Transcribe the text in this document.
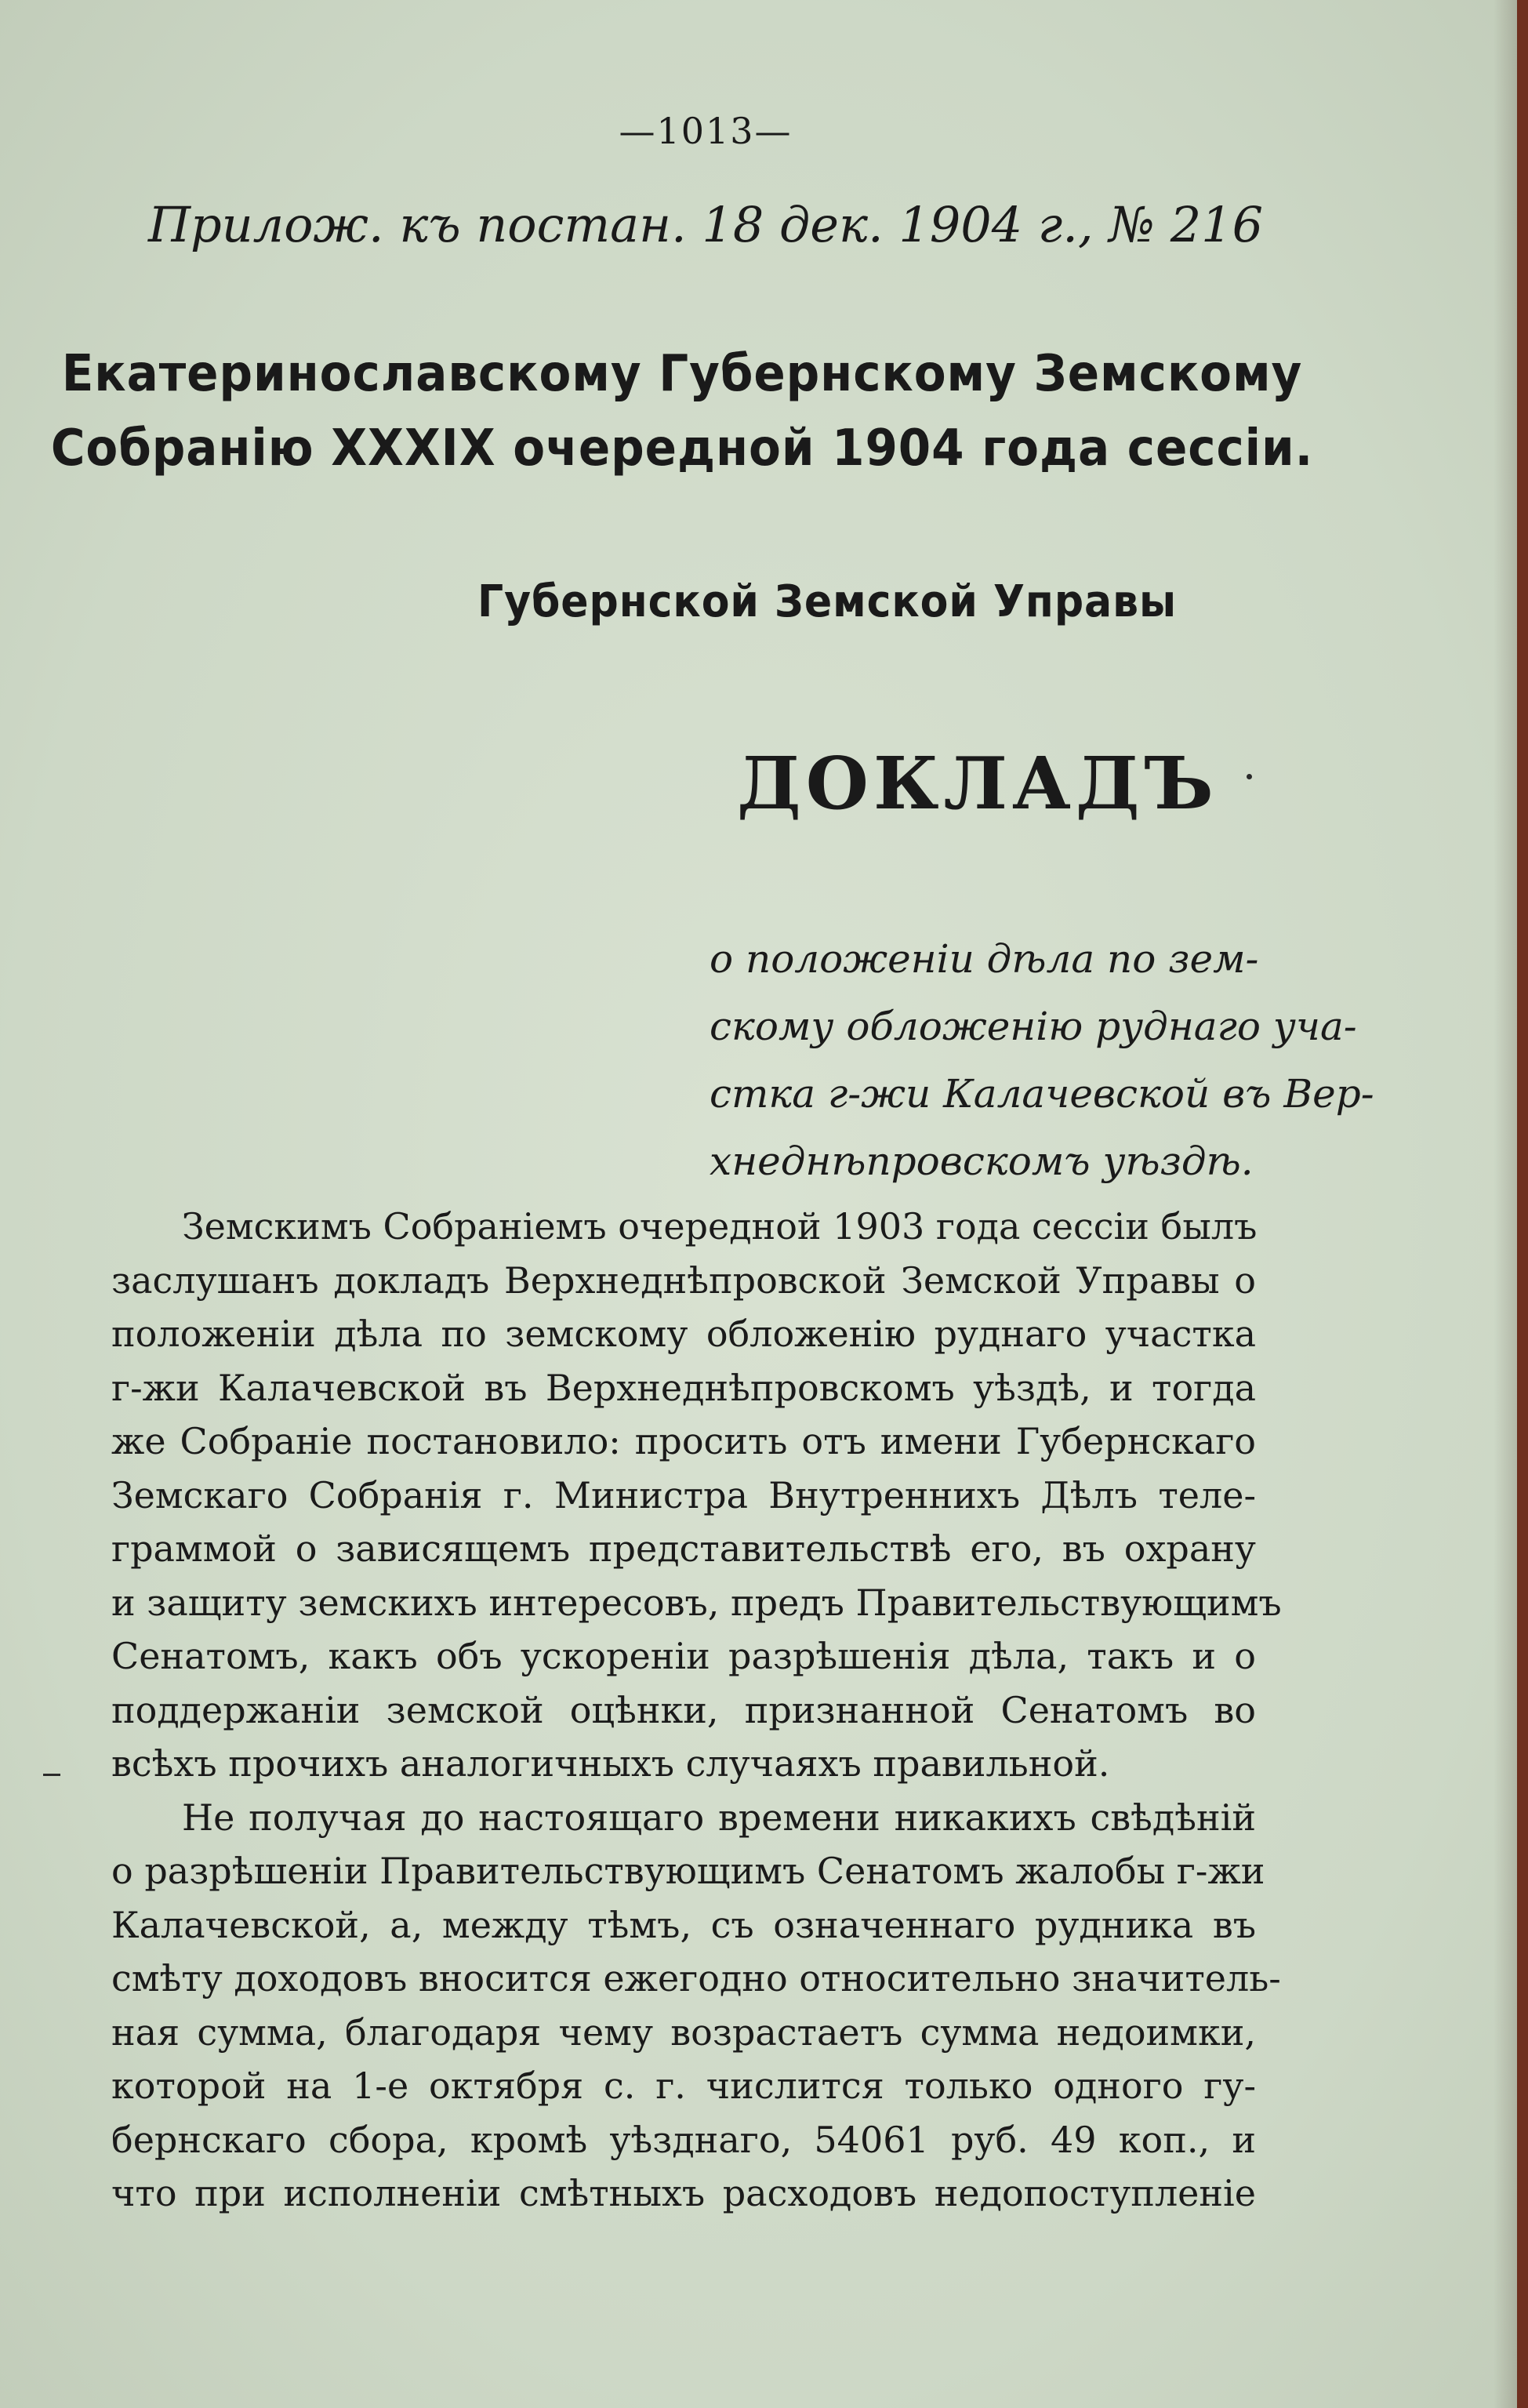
—1013—
Прилож. къ постан. 18 дек. 1904 г., № 216
Екатеринославскому Губернскому Земскому
Собранію XXXIX очередной 1904 года сессіи.
Губернской Земской Управы
ДОКЛАДЪ
о положеніи дѣла по зем-
скому обложенію руднаго уча-
стка г-жи Калачевской въ Вер-
хнеднѣпровскомъ уѣздѣ.
Земскимъ Собраніемъ очередной 1903 года сессіи былъ
заслушанъ докладъ Верхнеднѣпровской Земской Управы о
положеніи дѣла по земскому обложенію руднаго участка
г-жи Калачевской въ Верхнеднѣпровскомъ уѣздѣ, и тогда
же Собраніе постановило: просить отъ имени Губернскаго
Земскаго Собранія г. Министра Внутреннихъ Дѣлъ теле-
граммой о зависящемъ представительствѣ его, въ охрану
и защиту земскихъ интересовъ, предъ Правительствующимъ
Сенатомъ, какъ объ ускореніи разрѣшенія дѣла, такъ и о
поддержаніи земской оцѣнки, признанной Сенатомъ во
всѣхъ прочихъ аналогичныхъ случаяхъ правильной.
Не получая до настоящаго времени никакихъ свѣдѣній
о разрѣшеніи Правительствующимъ Сенатомъ жалобы г-жи
Калачевской, а, между тѣмъ, съ означеннаго рудника въ
смѣту доходовъ вносится ежегодно относительно значитель-
ная сумма, благодаря чему возрастаетъ сумма недоимки,
которой на 1-е октября с. г. числится только одного гу-
бернскаго сбора, кромѣ уѣзднаго, 54061 руб. 49 коп., и
что при исполненіи смѣтныхъ расходовъ недопоступленіе
